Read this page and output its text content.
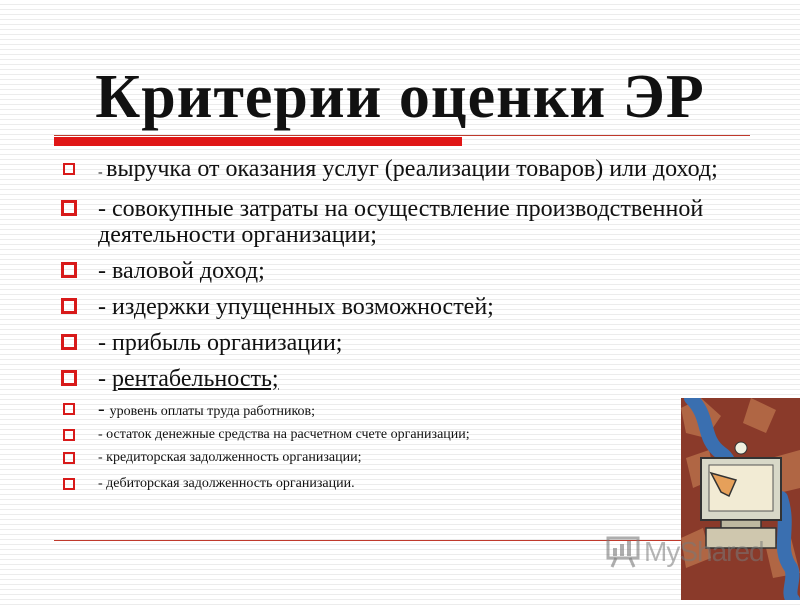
Критерии оценки ЭР
- выручка от оказания услуг (реализации товаров) или доход;
- совокупные затраты на осуществление производственной деятельности организации;
- валовой доход;
- издержки упущенных возможностей;
- прибыль организации;
- рентабельность;
- уровень оплаты труда работников;
- остаток денежные средства на расчетном счете организации;
- кредиторская задолженность организации;
- дебиторская задолженность организации.
MyShared
